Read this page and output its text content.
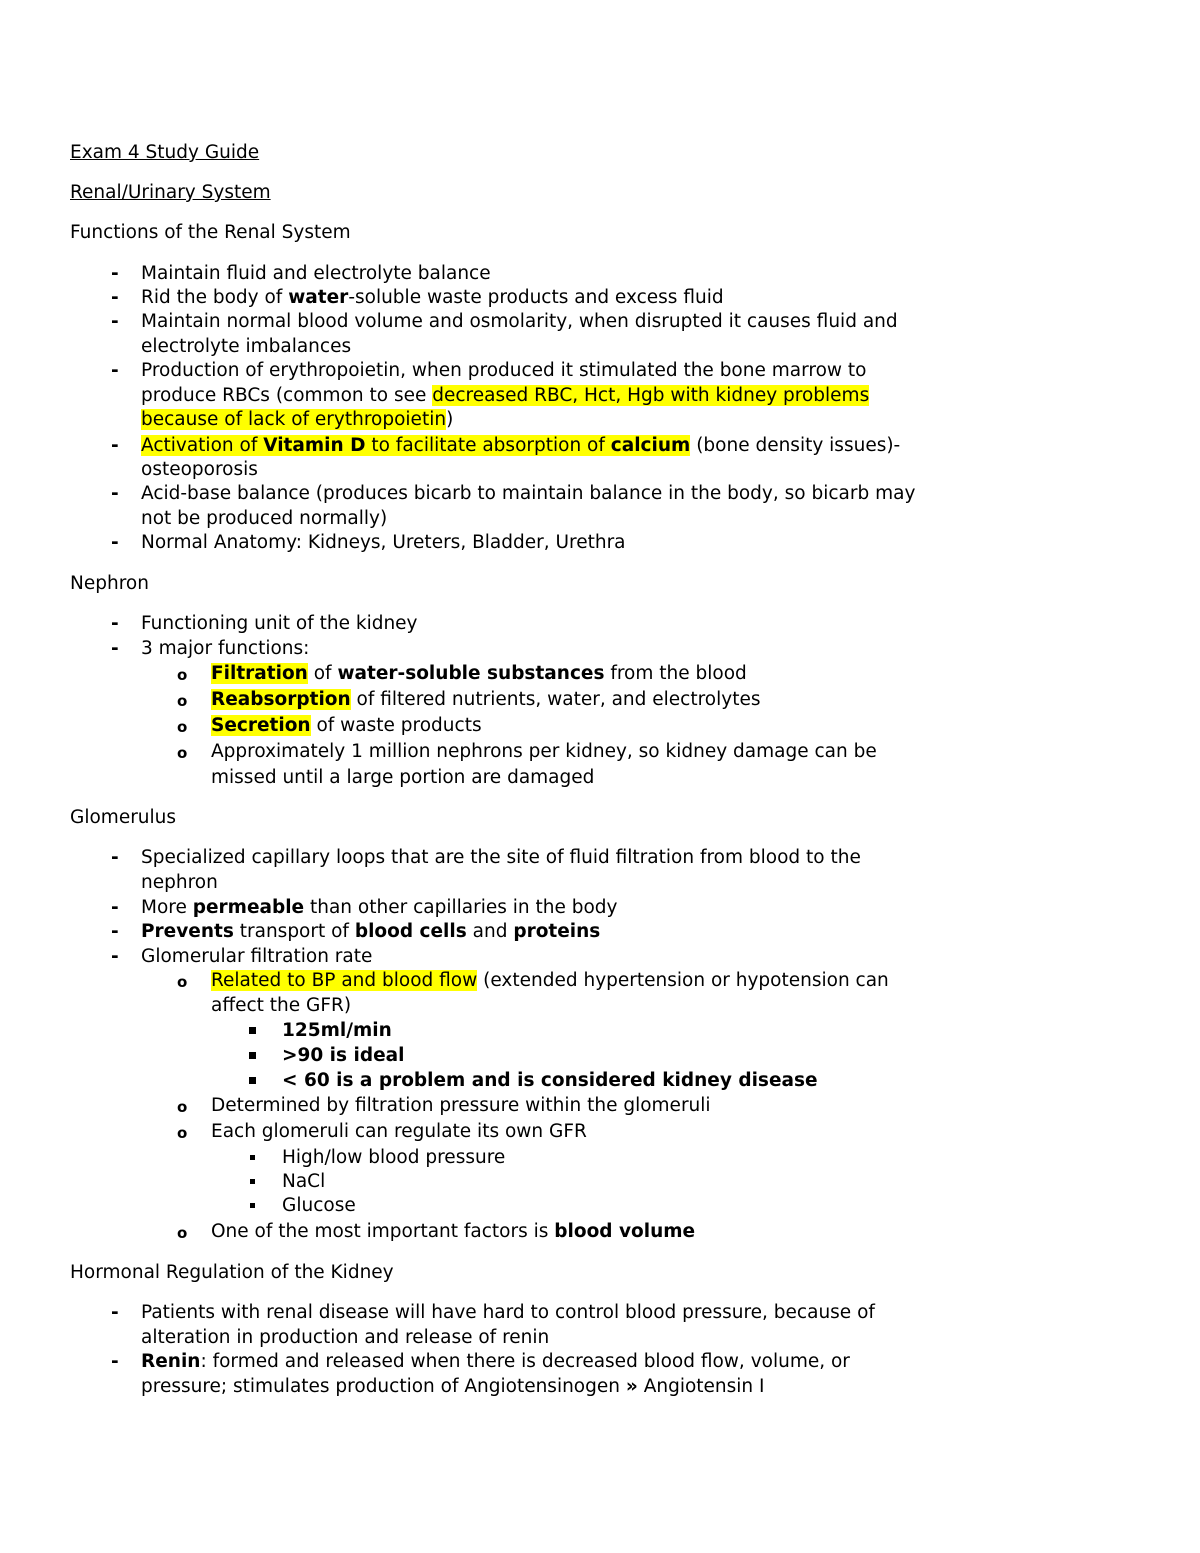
Exam 4 Study Guide
Renal/Urinary System
Functions of the Renal System
- Maintain fluid and electrolyte balance
- Rid the body of water-soluble waste products and excess fluid
- Maintain normal blood volume and osmolarity, when disrupted it causes fluid and
electrolyte imbalances
- Production of erythropoietin, when produced it stimulated the bone marrow to
produce RBCs (common to see decreased RBC, Hct, Hgb with kidney problems
because of lack of erythropoietin)
- Activation of Vitamin D to facilitate absorption of calcium (bone density issues)-
osteoporosis
- Acid-base balance (produces bicarb to maintain balance in the body, so bicarb may
not be produced normally)
- Normal Anatomy: Kidneys, Ureters, Bladder, Urethra
Nephron
- Functioning unit of the kidney
- 3 major functions:
o Filtration of water-soluble substances from the blood
o Reabsorption of filtered nutrients, water, and electrolytes
o Secretion of waste products
o Approximately 1 million nephrons per kidney, so kidney damage can be
missed until a large portion are damaged
Glomerulus
- Specialized capillary loops that are the site of fluid filtration from blood to the
nephron
- More permeable than other capillaries in the body
- Prevents transport of blood cells and proteins
- Glomerular filtration rate
o Related to BP and blood flow (extended hypertension or hypotension can
affect the GFR)
125ml/min
>90 is ideal
< 60 is a problem and is considered kidney disease
o Determined by filtration pressure within the glomeruli
o Each glomeruli can regulate its own GFR
High/low blood pressure
NaCl
Glucose
o One of the most important factors is blood volume
Hormonal Regulation of the Kidney
- Patients with renal disease will have hard to control blood pressure, because of
alteration in production and release of renin
- Renin: formed and released when there is decreased blood flow, volume, or
pressure; stimulates production of Angiotensinogen » Angiotensin I
